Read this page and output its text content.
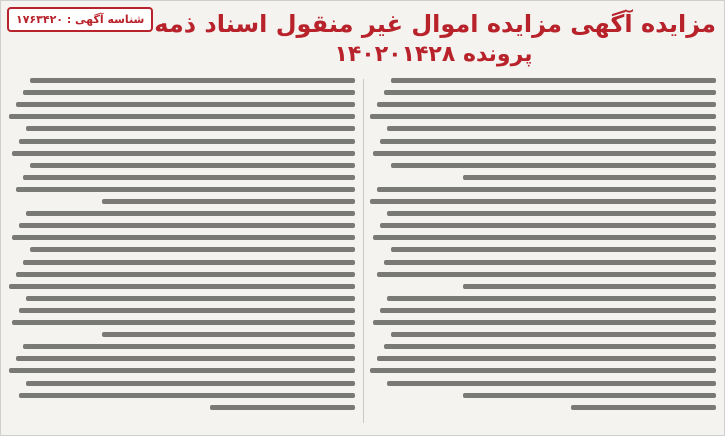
شناسه آگهی : ۱۷۶۳۴۲۰ مزایده آگهی مزایده اموال غیر منقول اسناد ذمه
پرونده ۱۴۰۲۰۱۴۲۸
